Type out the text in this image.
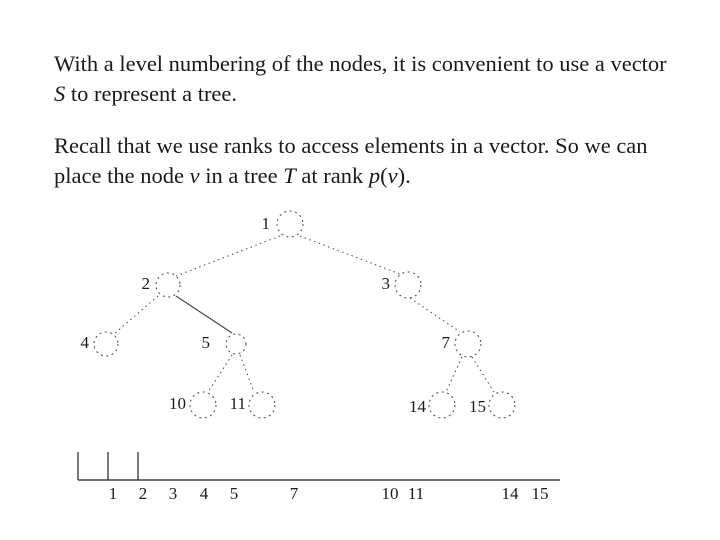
With a level numbering of the nodes, it is convenient to use a vector S to represent a tree.

Recall that we use ranks to access elements in a vector. So we can place the node v in a tree T at rank p(v).

1
2	3
4	5	7
10	11	14	15
1 2 3 4 5	7	10 11	14 15
